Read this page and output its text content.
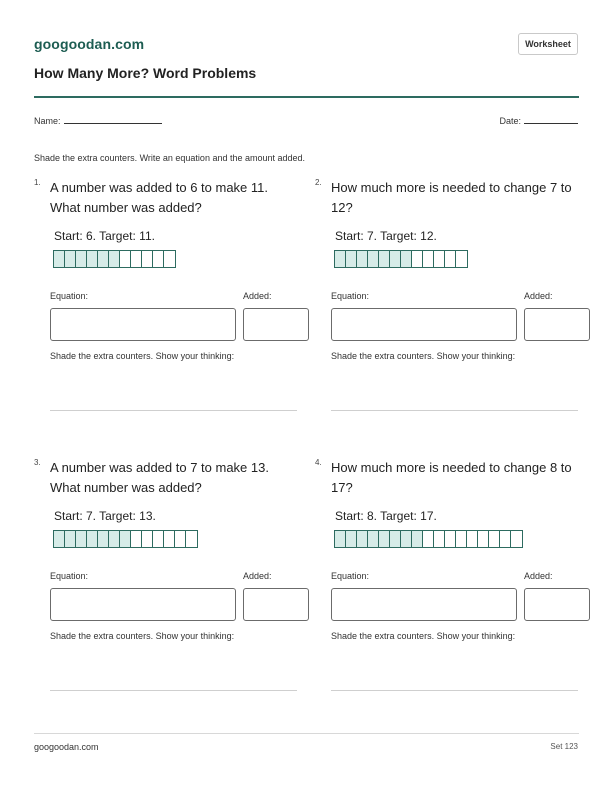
googoodan.com	Worksheet
How Many More? Word Problems
Name:	Date:
Shade the extra counters. Write an equation and the amount added.
1. A number was added to 6 to make 11. What number was added?
Start: 6. Target: 11.
Equation:	Added:
Shade the extra counters. Show your thinking:
2. How much more is needed to change 7 to 12?
Start: 7. Target: 12.
Equation:	Added:
Shade the extra counters. Show your thinking:
3. A number was added to 7 to make 13. What number was added?
Start: 7. Target: 13.
Equation:	Added:
Shade the extra counters. Show your thinking:
4. How much more is needed to change 8 to 17?
Start: 8. Target: 17.
Equation:	Added:
Shade the extra counters. Show your thinking:
googoodan.com	Set 123
